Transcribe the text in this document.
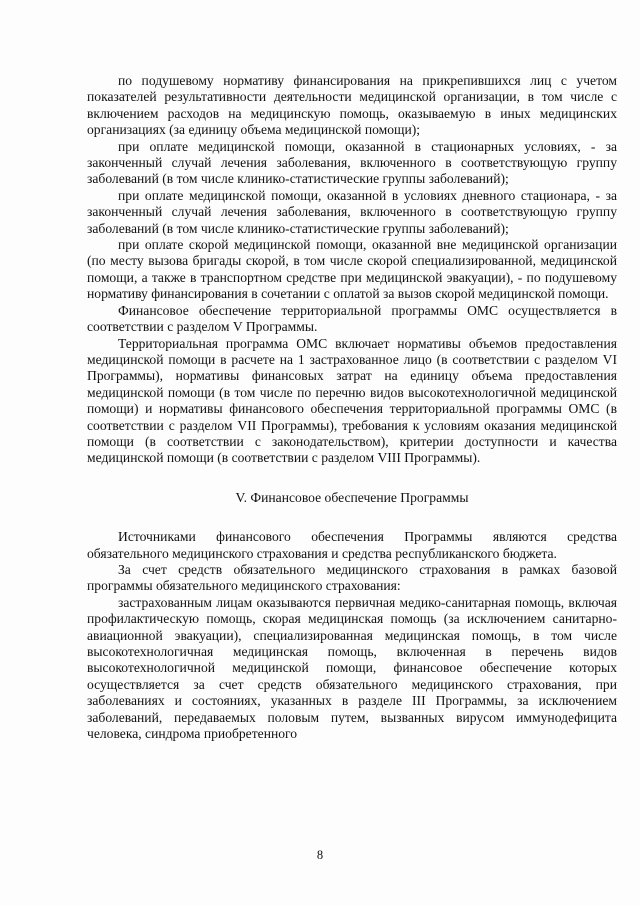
по подушевому нормативу финансирования на прикрепившихся лиц с учетом показателей результативности деятельности медицинской организации, в том числе с включением расходов на медицинскую помощь, оказываемую в иных медицинских организациях (за единицу объема медицинской помощи);

при оплате медицинской помощи, оказанной в стационарных условиях, - за законченный случай лечения заболевания, включенного в соответствующую группу заболеваний (в том числе клинико-статистические группы заболеваний);

при оплате медицинской помощи, оказанной в условиях дневного стационара, - за законченный случай лечения заболевания, включенного в соответствующую группу заболеваний (в том числе клинико-статистические группы заболеваний);

при оплате скорой медицинской помощи, оказанной вне медицинской организации (по месту вызова бригады скорой, в том числе скорой специализированной, медицинской помощи, а также в транспортном средстве при медицинской эвакуации), - по подушевому нормативу финансирования в сочетании с оплатой за вызов скорой медицинской помощи.

Финансовое обеспечение территориальной программы ОМС осуществляется в соответствии с разделом V Программы.

Территориальная программа ОМС включает нормативы объемов предоставления медицинской помощи в расчете на 1 застрахованное лицо (в соответствии с разделом VI Программы), нормативы финансовых затрат на единицу объема предоставления медицинской помощи (в том числе по перечню видов высокотехнологичной медицинской помощи) и нормативы финансового обеспечения территориальной программы ОМС (в соответствии с разделом VII Программы), требования к условиям оказания медицинской помощи (в соответствии с законодательством), критерии доступности и качества медицинской помощи (в соответствии с разделом VIII Программы).

V. Финансовое обеспечение Программы

Источниками финансового обеспечения Программы являются средства обязательного медицинского страхования и средства республиканского бюджета.

За счет средств обязательного медицинского страхования в рамках базовой программы обязательного медицинского страхования:

застрахованным лицам оказываются первичная медико-санитарная помощь, включая профилактическую помощь, скорая медицинская помощь (за исключением санитарно-авиационной эвакуации), специализированная медицинская помощь, в том числе высокотехнологичная медицинская помощь, включенная в перечень видов высокотехнологичной медицинской помощи, финансовое обеспечение которых осуществляется за счет средств обязательного медицинского страхования, при заболеваниях и состояниях, указанных в разделе III Программы, за исключением заболеваний, передаваемых половым путем, вызванных вирусом иммунодефицита человека, синдрома приобретенного

8
